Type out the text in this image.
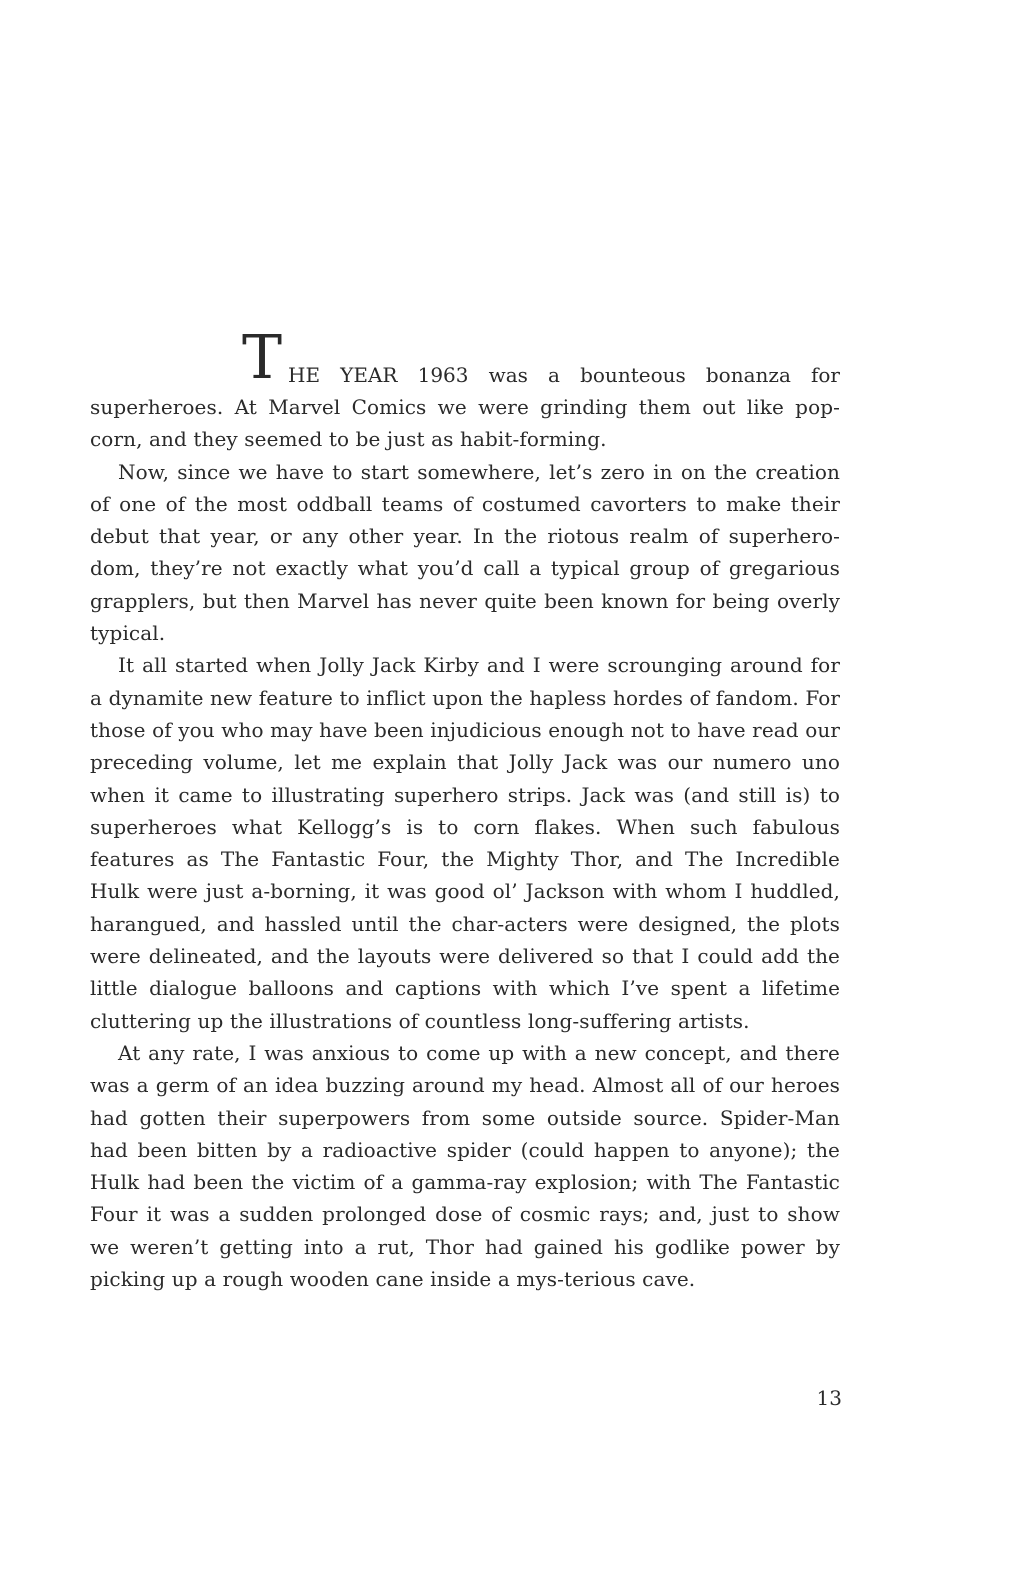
T HE YEAR 1963 was a bounteous bonanza for

superheroes. At Marvel Comics we were grinding them out like pop-corn, and they seemed to be just as habit-forming.

Now, since we have to start somewhere, let’s zero in on the creation of one of the most oddball teams of costumed cavorters to make their debut that year, or any other year. In the riotous realm of superhero-dom, they’re not exactly what you’d call a typical group of gregarious grapplers, but then Marvel has never quite been known for being overly typical.

It all started when Jolly Jack Kirby and I were scrounging around for a dynamite new feature to inflict upon the hapless hordes of fandom. For those of you who may have been injudicious enough not to have read our preceding volume, let me explain that Jolly Jack was our numero uno when it came to illustrating superhero strips. Jack was (and still is) to superheroes what Kellogg’s is to corn flakes. When such fabulous features as The Fantastic Four, the Mighty Thor, and The Incredible Hulk were just a-borning, it was good ol’ Jackson with whom I huddled, harangued, and hassled until the char-acters were designed, the plots were delineated, and the layouts were delivered so that I could add the little dialogue balloons and captions with which I’ve spent a lifetime cluttering up the illustrations of countless long-suffering artists.

At any rate, I was anxious to come up with a new concept, and there was a germ of an idea buzzing around my head. Almost all of our heroes had gotten their superpowers from some outside source. Spider-Man had been bitten by a radioactive spider (could happen to anyone); the Hulk had been the victim of a gamma-ray explosion; with The Fantastic Four it was a sudden prolonged dose of cosmic rays; and, just to show we weren’t getting into a rut, Thor had gained his godlike power by picking up a rough wooden cane inside a mys-terious cave.

13
